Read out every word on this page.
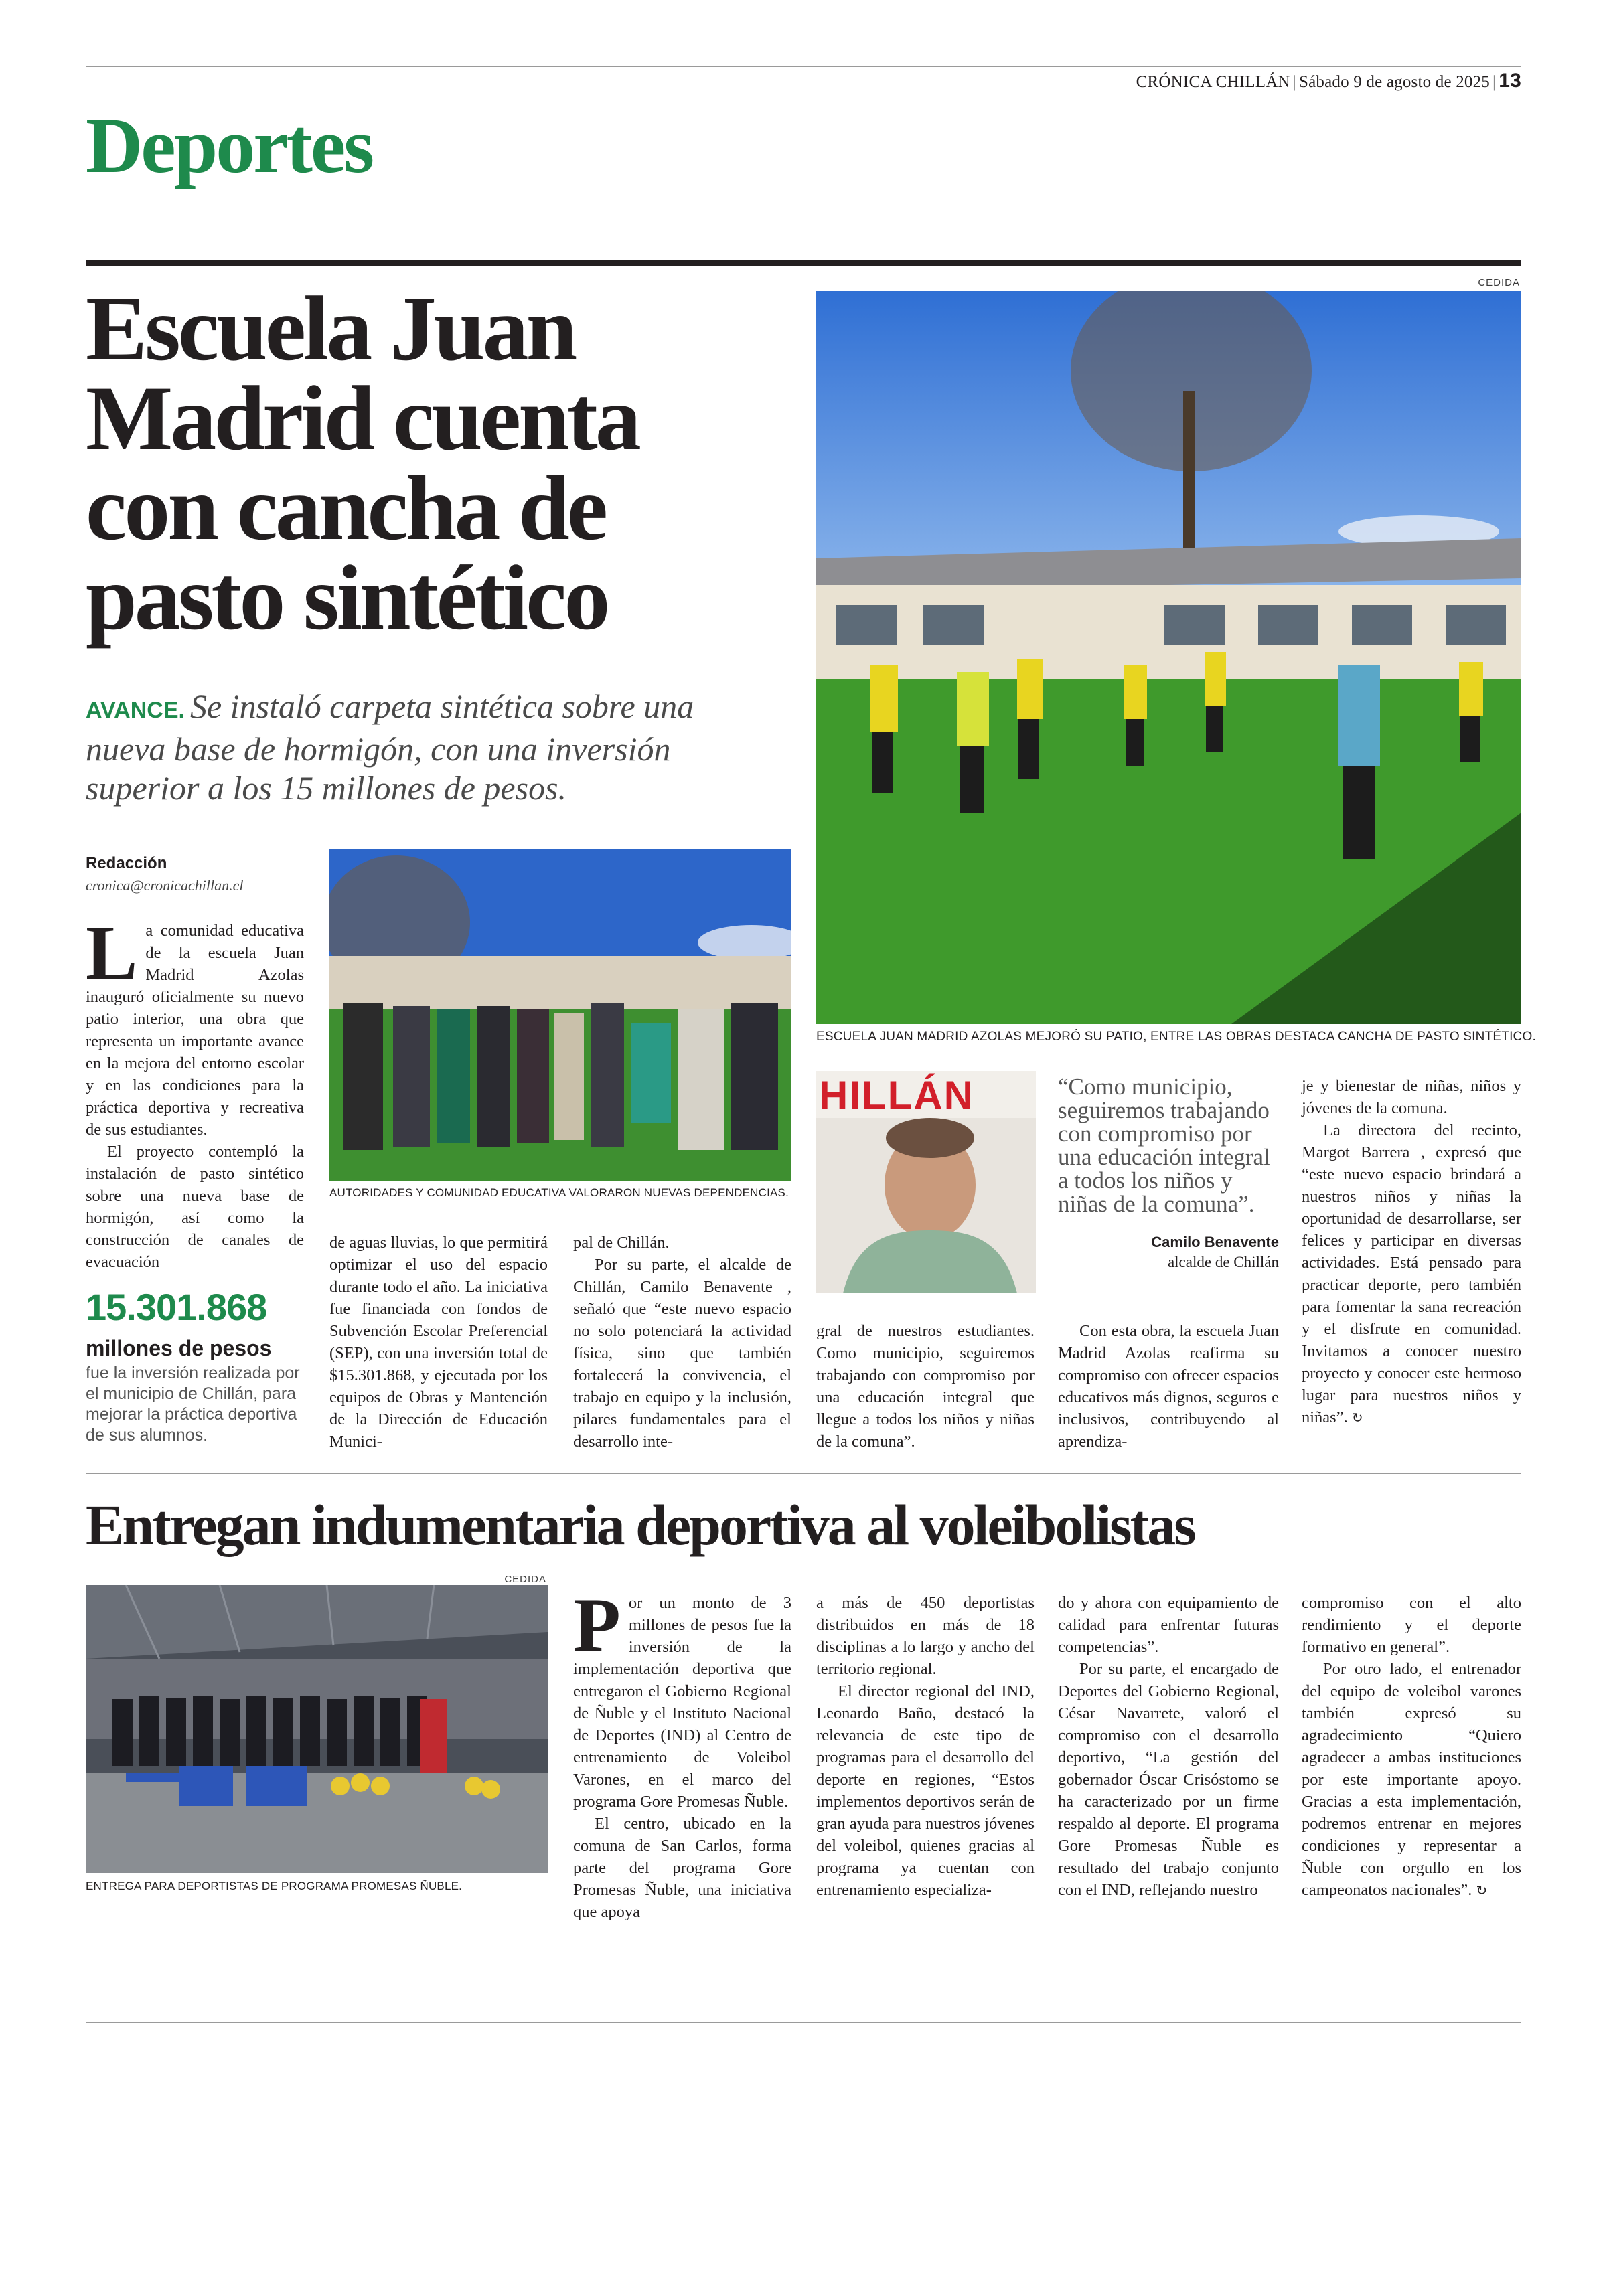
CRÓNICA CHILLÁN | Sábado 9 de agosto de 2025 | 13
Deportes
Escuela Juan
Madrid cuenta
con cancha de
pasto sintético
AVANCE. Se instaló carpeta sintética sobre una nueva base de hormigón, con una inversión superior a los 15 millones de pesos.
CEDIDA
ESCUELA JUAN MADRID AZOLAS MEJORÓ SU PATIO, ENTRE LAS OBRAS DESTACA CANCHA DE PASTO SINTÉTICO.
Redacción
cronica@cronicachillan.cl
AUTORIDADES Y COMUNIDAD EDUCATIVA VALORARON NUEVAS DEPENDENCIAS.

La comunidad educativa de la escuela Juan Madrid Azolas inauguró oficialmente su nuevo patio interior, una obra que representa un importante avance en la mejora del entorno escolar y en las condiciones para la práctica deportiva y recreativa de sus estudiantes.

El proyecto contempló la instalación de pasto sintético sobre una nueva base de hormigón, así como la construcción de canales de evacuación

15.301.868
millones de pesos
fue la inversión realizada por el municipio de Chillán, para mejorar la práctica deportiva de sus alumnos.

de aguas lluvias, lo que permitirá optimizar el uso del espacio durante todo el año. La iniciativa fue financiada con fondos de Subvención Escolar Preferencial (SEP), con una inversión total de $15.301.868, y ejecutada por los equipos de Obras y Mantención de la Dirección de Educación Munici-

pal de Chillán.

Por su parte, el alcalde de Chillán, Camilo Benavente , señaló que “este nuevo espacio no solo potenciará la actividad física, sino que también fortalecerá la convivencia, el trabajo en equipo y la inclusión, pilares fundamentales para el desarrollo inte-

HILLÁN	“Como municipio, seguiremos trabajando con compromiso por una educación integral a todos los niños y niñas de la comuna”.
Camilo Benavente
alcalde de Chillán

gral de nuestros estudiantes. Como municipio, seguiremos trabajando con compromiso por una educación integral que llegue a todos los niños y niñas de la comuna”.

Con esta obra, la escuela Juan Madrid Azolas reafirma su compromiso con ofrecer espacios educativos más dignos, seguros e inclusivos, contribuyendo al aprendiza-

je y bienestar de niñas, niños y jóvenes de la comuna.

La directora del recinto, Margot Barrera , expresó que “este nuevo espacio brindará a nuestros niños y niñas la oportunidad de desarrollarse, ser felices y participar en diversas actividades. Está pensado para practicar deporte, pero también para fomentar la sana recreación y el disfrute en comunidad. Invitamos a conocer nuestro proyecto y conocer este hermoso lugar para nuestros niños y niñas”. ↻

Entregan indumentaria deportiva al voleibolistas
CEDIDA
ENTREGA PARA DEPORTISTAS DE PROGRAMA PROMESAS ÑUBLE.

Por un monto de 3 millones de pesos fue la inversión de la implementación deportiva que entregaron el Gobierno Regional de Ñuble y el Instituto Nacional de Deportes (IND) al Centro de entrenamiento de Voleibol Varones, en el marco del programa Gore Promesas Ñuble.

El centro, ubicado en la comuna de San Carlos, forma parte del programa Gore Promesas Ñuble, una iniciativa que apoya

a más de 450 deportistas distribuidos en más de 18 disciplinas a lo largo y ancho del territorio regional.

El director regional del IND, Leonardo Baño, destacó la relevancia de este tipo de programas para el desarrollo del deporte en regiones, “Estos implementos deportivos serán de gran ayuda para nuestros jóvenes del voleibol, quienes gracias al programa ya cuentan con entrenamiento especializa-

do y ahora con equipamiento de calidad para enfrentar futuras competencias”.

Por su parte, el encargado de Deportes del Gobierno Regional, César Navarrete, valoró el compromiso con el desarrollo deportivo, “La gestión del gobernador Óscar Crisóstomo se ha caracterizado por un firme respaldo al deporte. El programa Gore Promesas Ñuble es resultado del trabajo conjunto con el IND, reflejando nuestro

compromiso con el alto rendimiento y el deporte formativo en general”.

Por otro lado, el entrenador del equipo de voleibol varones también expresó su agradecimiento “Quiero agradecer a ambas instituciones por este importante apoyo. Gracias a esta implementación, podremos entrenar en mejores condiciones y representar a Ñuble con orgullo en los campeonatos nacionales”. ↻
